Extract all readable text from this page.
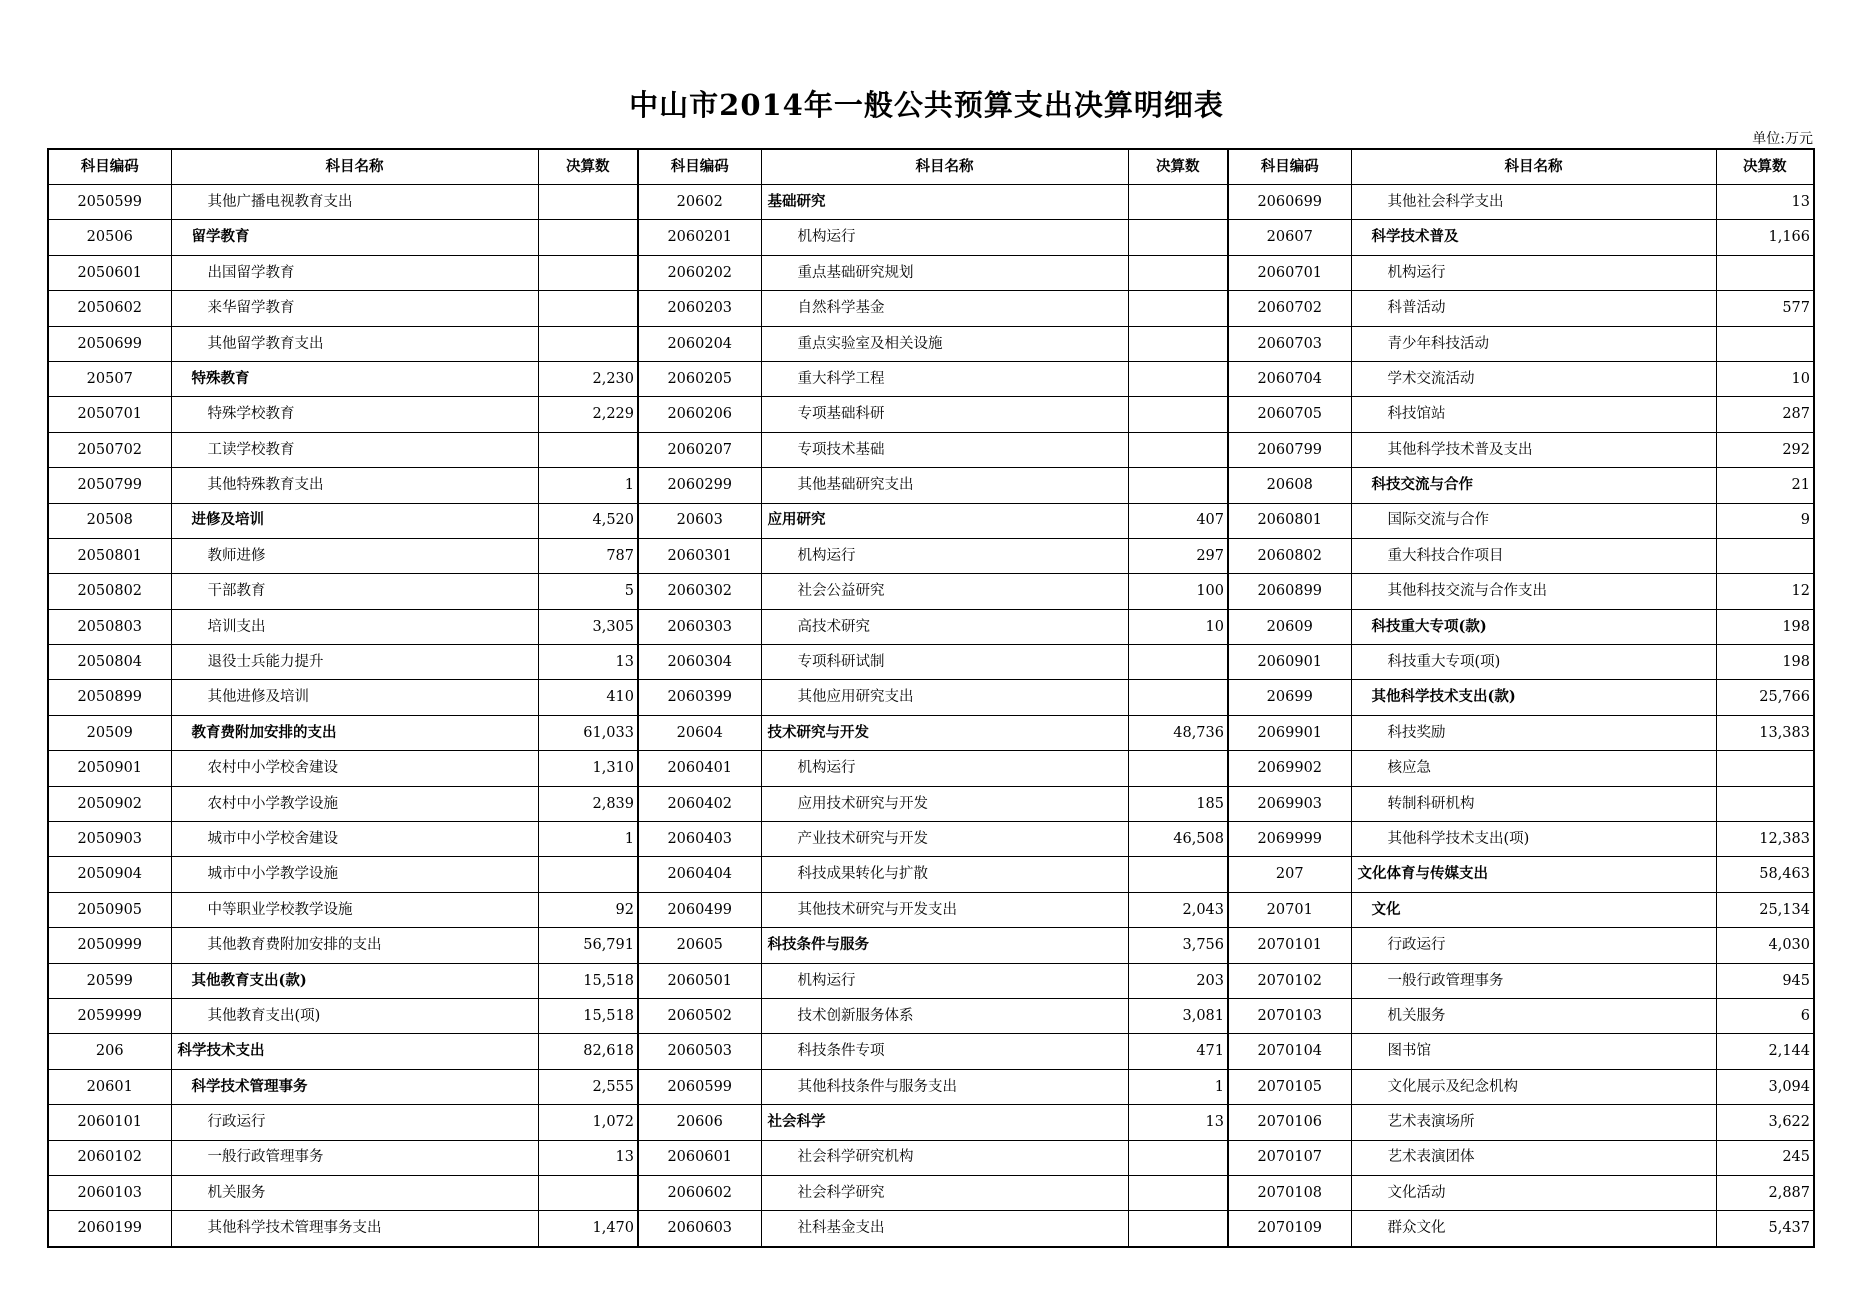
中山市2014年一般公共预算支出决算明细表
单位:万元
科目编码	科目名称	决算数	科目编码	科目名称	决算数	科目编码	科目名称	决算数
2050599	其他广播电视教育支出		20602	基础研究		2060699	其他社会科学支出	13
20506	留学教育		2060201	机构运行		20607	科学技术普及	1,166
2050601	出国留学教育		2060202	重点基础研究规划		2060701	机构运行	
2050602	来华留学教育		2060203	自然科学基金		2060702	科普活动	577
2050699	其他留学教育支出		2060204	重点实验室及相关设施		2060703	青少年科技活动	
20507	特殊教育	2,230	2060205	重大科学工程		2060704	学术交流活动	10
2050701	特殊学校教育	2,229	2060206	专项基础科研		2060705	科技馆站	287
2050702	工读学校教育		2060207	专项技术基础		2060799	其他科学技术普及支出	292
2050799	其他特殊教育支出	1	2060299	其他基础研究支出		20608	科技交流与合作	21
20508	进修及培训	4,520	20603	应用研究	407	2060801	国际交流与合作	9
2050801	教师进修	787	2060301	机构运行	297	2060802	重大科技合作项目	
2050802	干部教育	5	2060302	社会公益研究	100	2060899	其他科技交流与合作支出	12
2050803	培训支出	3,305	2060303	高技术研究	10	20609	科技重大专项(款)	198
2050804	退役士兵能力提升	13	2060304	专项科研试制		2060901	科技重大专项(项)	198
2050899	其他进修及培训	410	2060399	其他应用研究支出		20699	其他科学技术支出(款)	25,766
20509	教育费附加安排的支出	61,033	20604	技术研究与开发	48,736	2069901	科技奖励	13,383
2050901	农村中小学校舍建设	1,310	2060401	机构运行		2069902	核应急	
2050902	农村中小学教学设施	2,839	2060402	应用技术研究与开发	185	2069903	转制科研机构	
2050903	城市中小学校舍建设	1	2060403	产业技术研究与开发	46,508	2069999	其他科学技术支出(项)	12,383
2050904	城市中小学教学设施		2060404	科技成果转化与扩散		207	文化体育与传媒支出	58,463
2050905	中等职业学校教学设施	92	2060499	其他技术研究与开发支出	2,043	20701	文化	25,134
2050999	其他教育费附加安排的支出	56,791	20605	科技条件与服务	3,756	2070101	行政运行	4,030
20599	其他教育支出(款)	15,518	2060501	机构运行	203	2070102	一般行政管理事务	945
2059999	其他教育支出(项)	15,518	2060502	技术创新服务体系	3,081	2070103	机关服务	6
206	科学技术支出	82,618	2060503	科技条件专项	471	2070104	图书馆	2,144
20601	科学技术管理事务	2,555	2060599	其他科技条件与服务支出	1	2070105	文化展示及纪念机构	3,094
2060101	行政运行	1,072	20606	社会科学	13	2070106	艺术表演场所	3,622
2060102	一般行政管理事务	13	2060601	社会科学研究机构		2070107	艺术表演团体	245
2060103	机关服务		2060602	社会科学研究		2070108	文化活动	2,887
2060199	其他科学技术管理事务支出	1,470	2060603	社科基金支出		2070109	群众文化	5,437
